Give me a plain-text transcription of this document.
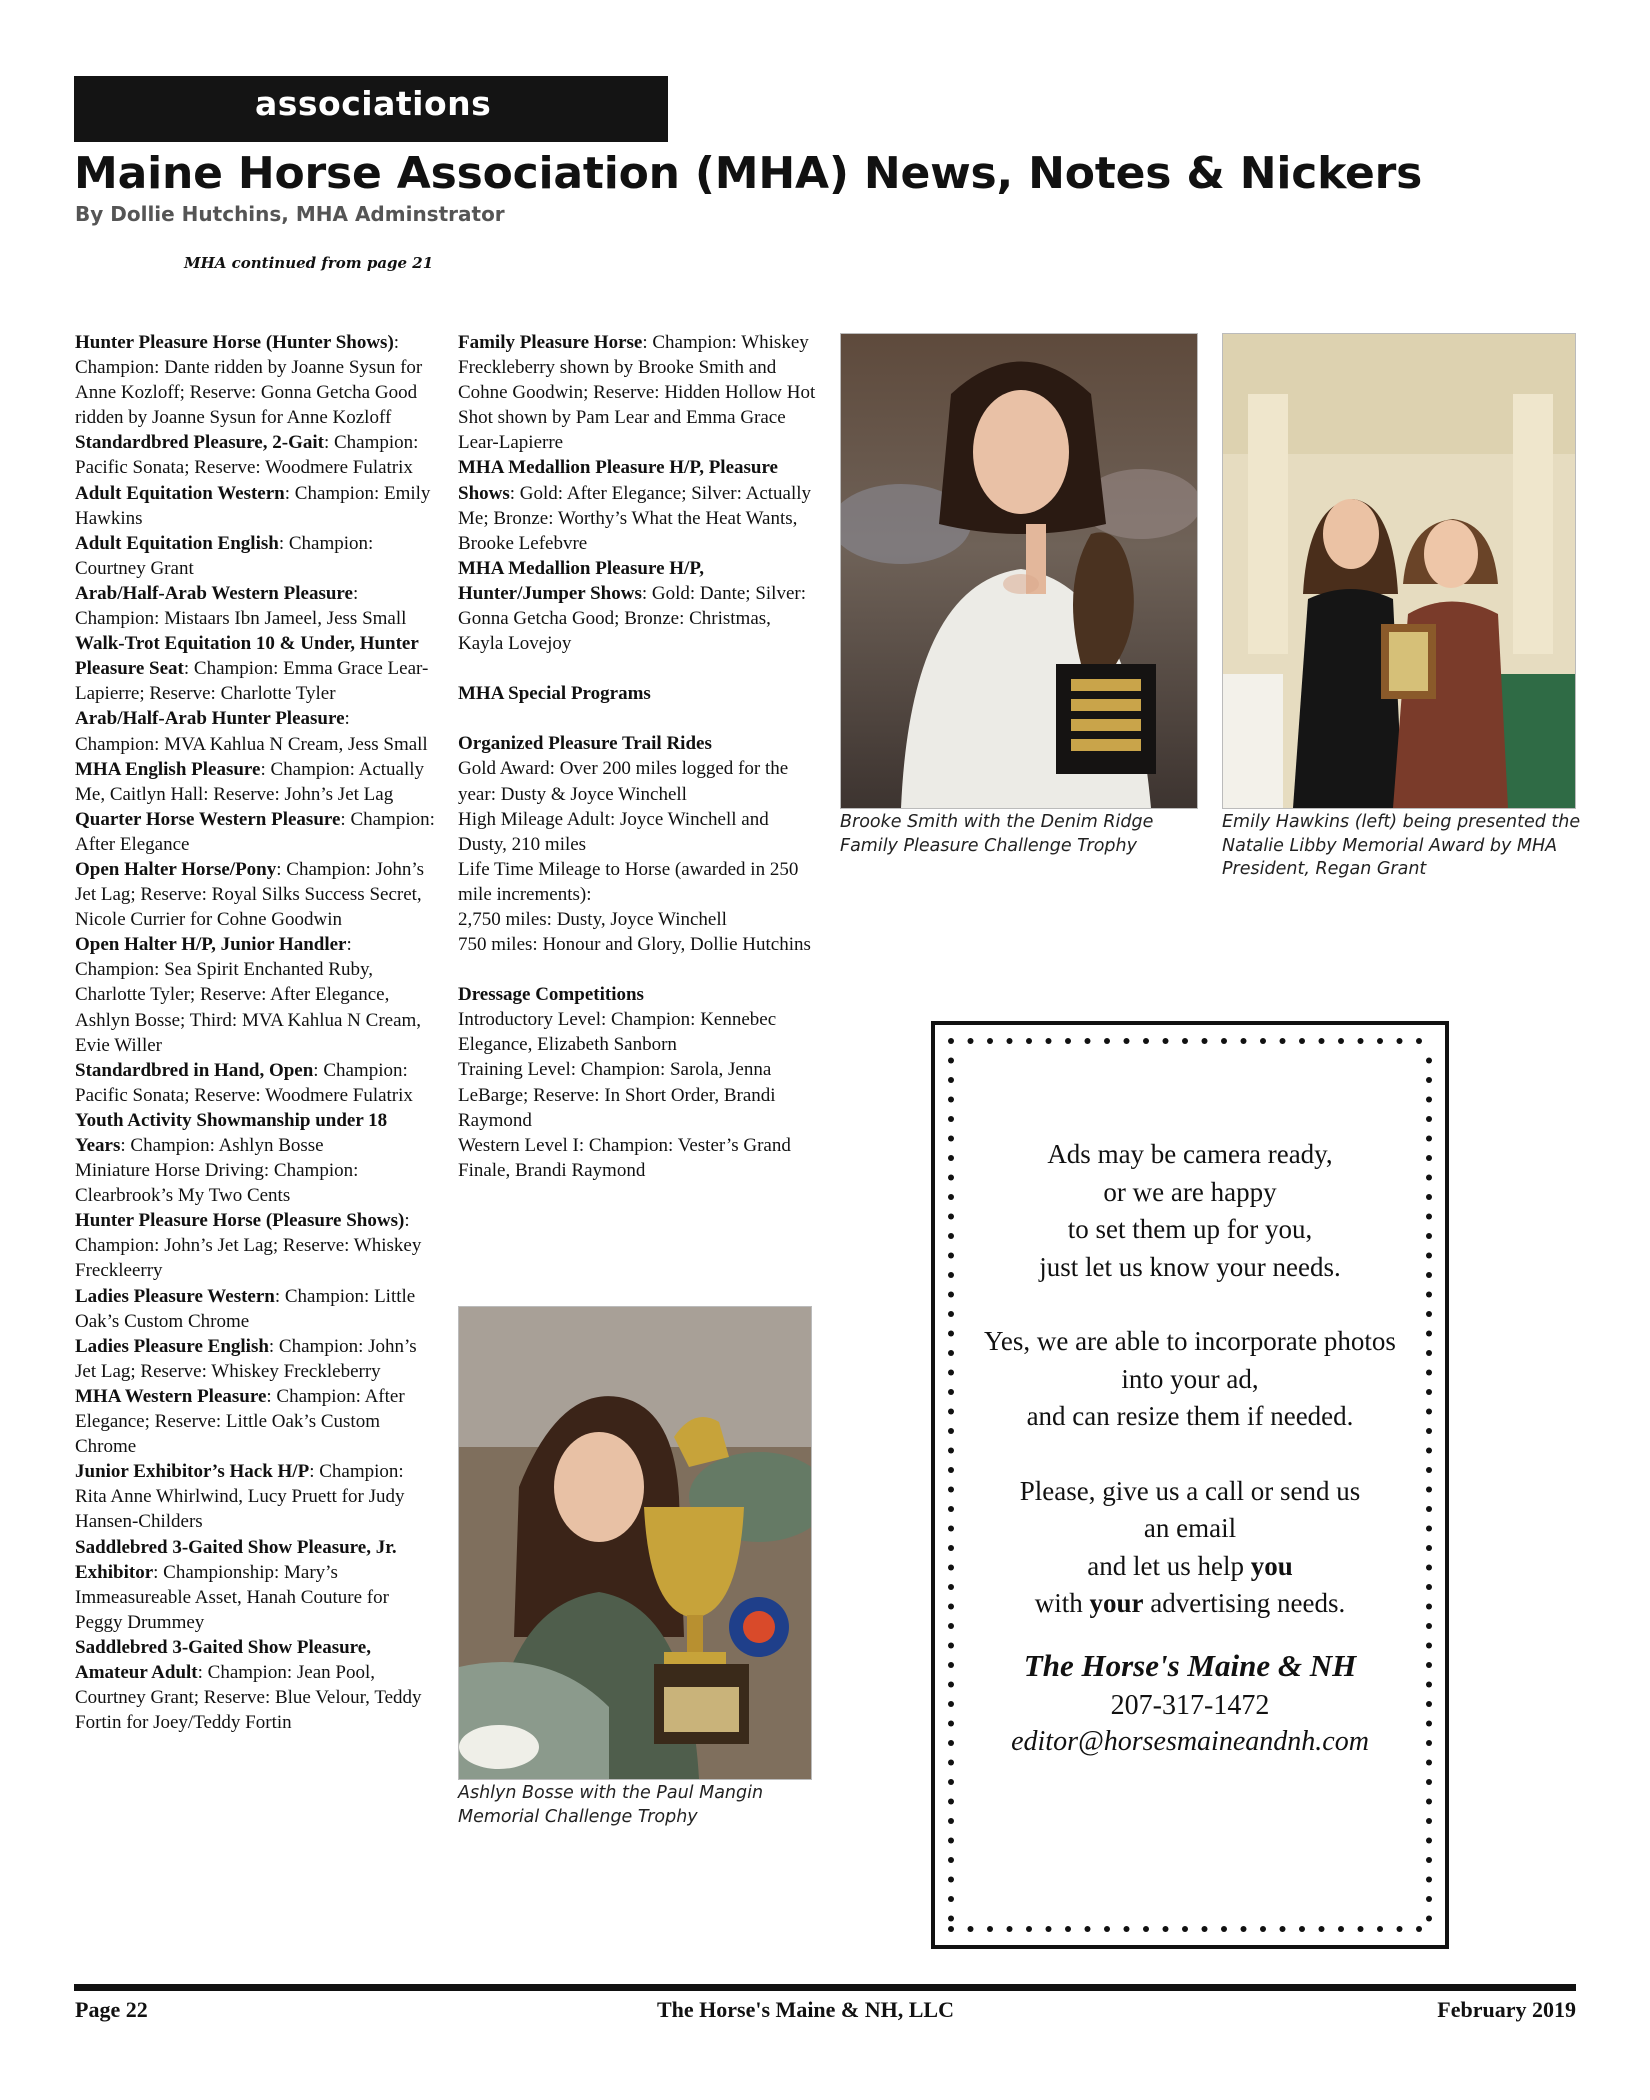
associations
Maine Horse Association (MHA) News, Notes & Nickers
By Dollie Hutchins, MHA Adminstrator
MHA continued from page 21

Hunter Pleasure Horse (Hunter Shows): Champion: Dante ridden by Joanne Sysun for Anne Kozloff; Reserve: Gonna Getcha Good ridden by Joanne Sysun for Anne Kozloff

Standardbred Pleasure, 2-Gait: Champion: Pacific Sonata; Reserve: Woodmere Fulatrix

Adult Equitation Western: Champion: Emily Hawkins

Adult Equitation English: Champion: Courtney Grant

Arab/Half-Arab Western Pleasure: Champion: Mistaars Ibn Jameel, Jess Small

Walk-Trot Equitation 10 & Under, Hunter Pleasure Seat: Champion: Emma Grace Lear-Lapierre; Reserve: Charlotte Tyler

Arab/Half-Arab Hunter Pleasure: Champion: MVA Kahlua N Cream, Jess Small

MHA English Pleasure: Champion: Actually Me, Caitlyn Hall: Reserve: John’s Jet Lag

Quarter Horse Western Pleasure: Champion: After Elegance

Open Halter Horse/Pony: Champion: John’s Jet Lag; Reserve: Royal Silks Success Secret, Nicole Currier for Cohne Goodwin

Open Halter H/P, Junior Handler: Champion: Sea Spirit Enchanted Ruby, Charlotte Tyler; Reserve: After Elegance, Ashlyn Bosse; Third: MVA Kahlua N Cream, Evie Willer

Standardbred in Hand, Open: Champion: Pacific Sonata; Reserve: Woodmere Fulatrix

Youth Activity Showmanship under 18 Years: Champion: Ashlyn Bosse

Miniature Horse Driving: Champion: Clearbrook’s My Two Cents

Hunter Pleasure Horse (Pleasure Shows): Champion: John’s Jet Lag; Reserve: Whiskey Freckleerry

Ladies Pleasure Western: Champion: Little Oak’s Custom Chrome

Ladies Pleasure English: Champion: John’s Jet Lag; Reserve: Whiskey Freckleberry

MHA Western Pleasure: Champion: After Elegance; Reserve: Little Oak’s Custom Chrome

Junior Exhibitor’s Hack H/P: Champion: Rita Anne Whirlwind, Lucy Pruett for Judy Hansen-Childers

Saddlebred 3-Gaited Show Pleasure, Jr. Exhibitor: Championship: Mary’s Immeasureable Asset, Hanah Couture for Peggy Drummey

Saddlebred 3-Gaited Show Pleasure, Amateur Adult: Champion: Jean Pool, Courtney Grant; Reserve: Blue Velour, Teddy Fortin for Joey/Teddy Fortin

Family Pleasure Horse: Champion: Whiskey Freckleberry shown by Brooke Smith and Cohne Goodwin; Reserve: Hidden Hollow Hot Shot shown by Pam Lear and Emma Grace Lear-Lapierre

MHA Medallion Pleasure H/P, Pleasure Shows: Gold: After Elegance; Silver: Actually Me; Bronze: Worthy’s What the Heat Wants, Brooke Lefebvre

MHA Medallion Pleasure H/P, Hunter/Jumper Shows: Gold: Dante; Silver: Gonna Getcha Good; Bronze: Christmas, Kayla Lovejoy

MHA Special Programs

Organized Pleasure Trail Rides

Gold Award: Over 200 miles logged for the year: Dusty & Joyce Winchell

High Mileage Adult: Joyce Winchell and Dusty, 210 miles

Life Time Mileage to Horse (awarded in 250 mile increments):

2,750 miles: Dusty, Joyce Winchell

750 miles: Honour and Glory, Dollie Hutchins

Dressage Competitions

Introductory Level: Champion: Kennebec Elegance, Elizabeth Sanborn

Training Level: Champion: Sarola, Jenna LeBarge; Reserve: In Short Order, Brandi Raymond

Western Level I: Champion: Vester’s Grand Finale, Brandi Raymond

Brooke Smith with the Denim Ridge Family Pleasure Challenge Trophy
Emily Hawkins (left) being presented the Natalie Libby Memorial Award by MHA President, Regan Grant
Ashlyn Bosse with the Paul Mangin Memorial Challenge Trophy
Ads may be camera ready,
or we are happy
to set them up for you,
just let us know your needs.
Yes, we are able to incorporate photos
into your ad,
and can resize them if needed.
Please, give us a call or send us
an email
and let us help you
with your advertising needs.
The Horse's Maine & NH
207-317-1472
editor@horsesmaineandnh.com
Page 22	The Horse's Maine & NH, LLC	February 2019
